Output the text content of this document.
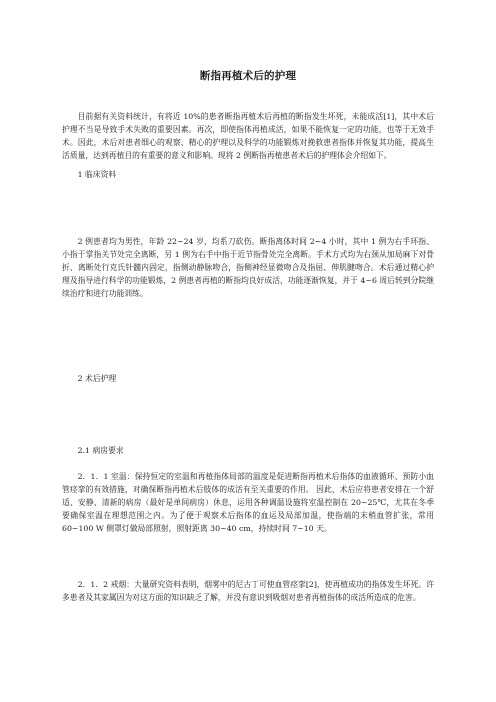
断指再植术后的护理

目前据有关资料统计，有将近 10%的患者断指再植术后再植的断指发生坏死，未能成活[1]，其中术后护理不当是导致手术失败的重要因素。再次，即使指体再植成活，如果不能恢复一定的功能，也等于无效手术。因此，术后对患者细心的观察、精心的护理以及科学的功能锻炼对挽救患者指体并恢复其功能，提高生活质量，达到再植目的有重要的意义和影响。现将 2 例断指再植患者术后的护理体会介绍如下。

1 临床资料

2 例患者均为男性，年龄 22~24 岁，均系刀砍伤。断指离体时间 2~4 小时，其中 1 例为右手环指、小指于掌指关节处完全离断，另 1 例为右手中指于近节指骨处完全离断。手术方式均为右颈从加局麻下对骨折、离断处行克氏针髓内固定，指侧动静脉吻合，指侧神经显微吻合及指屈、伸肌腱吻合。术后通过精心护理及指导进行科学的功能锻炼，2 例患者再植的断指均良好成活，功能逐渐恢复，并于 4~6 周后转到分院继续治疗和进行功能训练。

2 术后护理

2.1 病房要求

2．1．1 室温：保持恒定的室温和再植指体局部的温度是促进断指再植术后指体的血液循环、预防小血管痉挛的有效措施，对确保断指再植术后肢体的成活有至关重要的作用。 因此，术后应将患者安排在一个舒适、安静、清新的病房（最好是单间病房）休息，运用各种调温设施将室温控制在 20~25℃，尤其在冬季要确保室温在理想范围之内。为了便于观察术后指体的血运及局部加温，使指端的末梢血管扩张，常用 60~100 W 侧罩灯做局部照射，照射距离 30~40 cm，持续时间 7~10 天。

2．1．2 戒烟：大量研究资料表明，烟雾中的尼古丁可使血管痉挛[2]，使再植成功的指体发生坏死。许多患者及其家属因为对这方面的知识缺乏了解，并没有意识到吸烟对患者再植指体的成活所造成的危害。
